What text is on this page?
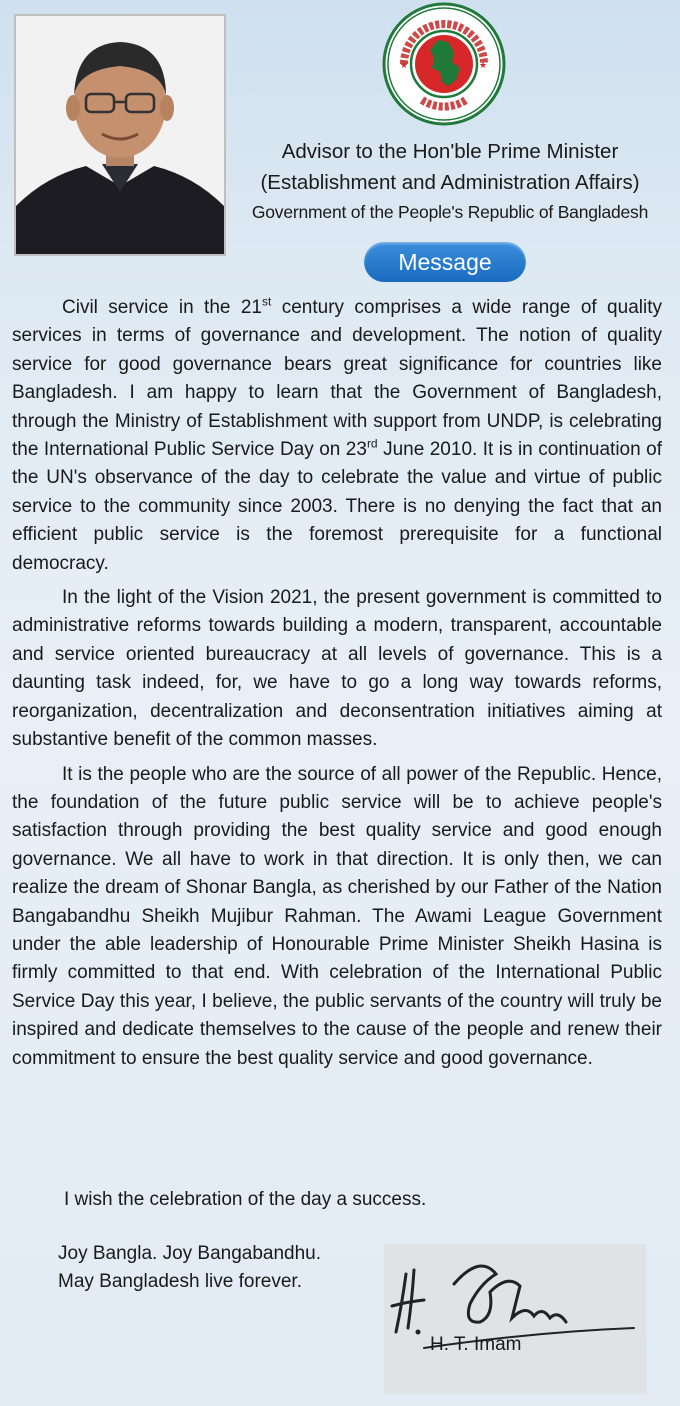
★	★
Advisor to the Hon'ble Prime Minister
(Establishment and Administration Affairs)
Government of the People's Republic of Bangladesh
Message

Civil service in the 21st century comprises a wide range of quality services in terms of governance and development. The notion of quality service for good governance bears great significance for countries like Bangladesh. I am happy to learn that the Government of Bangladesh, through the Ministry of Establishment with support from UNDP, is celebrating the International Public Service Day on 23rd June 2010. It is in continuation of the UN's observance of the day to celebrate the value and virtue of public service to the community since 2003. There is no denying the fact that an efficient public service is the foremost prerequisite for a functional democracy.

In the light of the Vision 2021, the present government is committed to administrative reforms towards building a modern, transparent, accountable and service oriented bureaucracy at all levels of governance. This is a daunting task indeed, for, we have to go a long way towards reforms, reorganization, decentralization and deconsentration initiatives aiming at substantive benefit of the common masses.

It is the people who are the source of all power of the Republic. Hence, the foundation of the future public service will be to achieve people's satisfaction through providing the best quality service and good enough governance. We all have to work in that direction. It is only then, we can realize the dream of Shonar Bangla, as cherished by our Father of the Nation Bangabandhu Sheikh Mujibur Rahman. The Awami League Government under the able leadership of Honourable Prime Minister Sheikh Hasina is firmly committed to that end. With celebration of the International Public Service Day this year, I believe, the public servants of the country will truly be inspired and dedicate themselves to the cause of the people and renew their commitment to ensure the best quality service and good governance.

I wish the celebration of the day a success.
Joy Bangla. Joy Bangabandhu.
May Bangladesh live forever.
H. T. Imam
